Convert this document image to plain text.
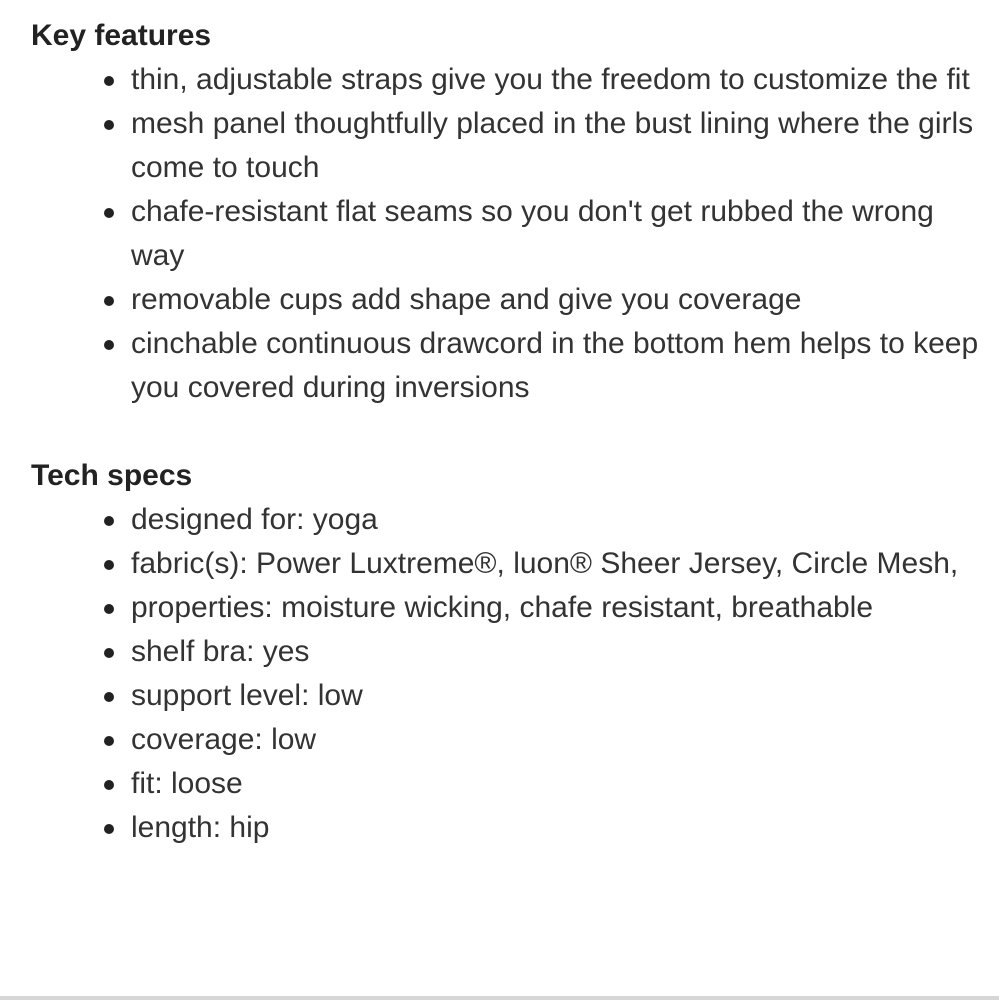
Key features
thin, adjustable straps give you the freedom to customize the fit
mesh panel thoughtfully placed in the bust lining where the girls come to touch
chafe-resistant flat seams so you don't get rubbed the wrong way
removable cups add shape and give you coverage
cinchable continuous drawcord in the bottom hem helps to keep you covered during inversions
Tech specs
designed for: yoga
fabric(s): Power Luxtreme®, luon® Sheer Jersey, Circle Mesh,
properties: moisture wicking, chafe resistant, breathable
shelf bra: yes
support level: low
coverage: low
fit: loose
length: hip
